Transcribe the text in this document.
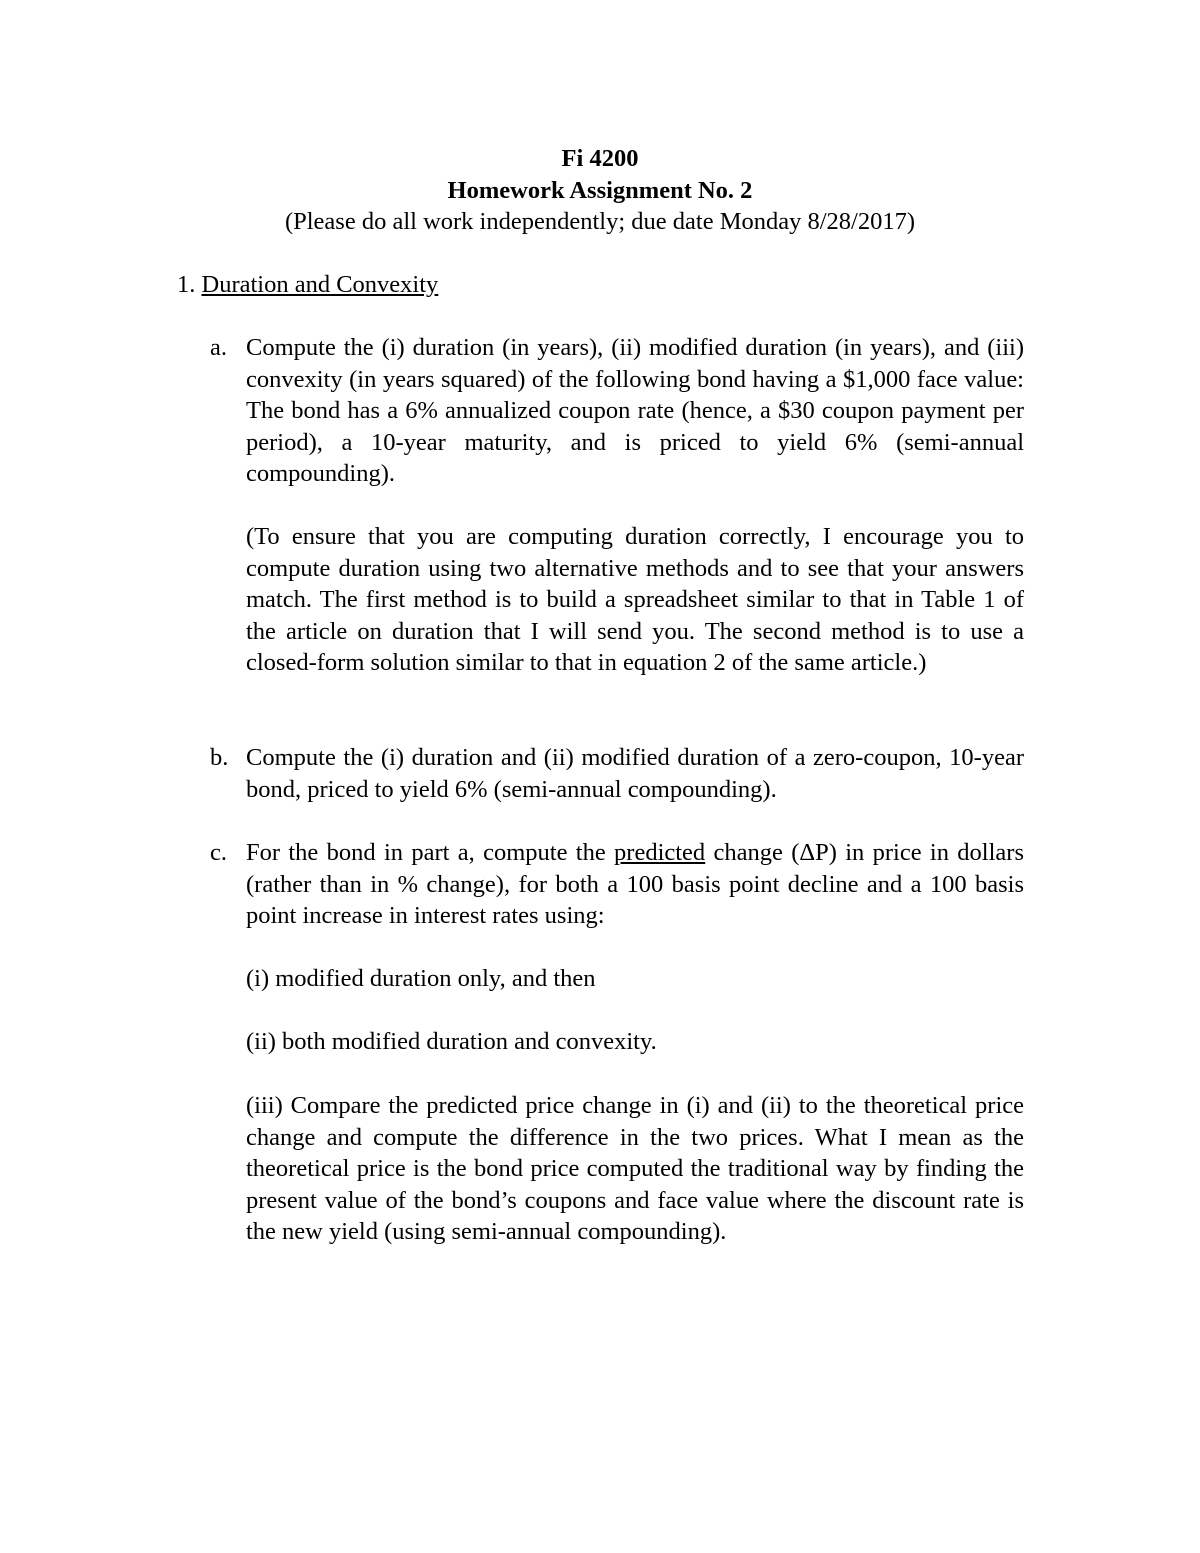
Fi 4200
Homework Assignment No. 2
(Please do all work independently; due date Monday 8/28/2017)
1. Duration and Convexity
a. Compute the (i) duration (in years), (ii) modified duration (in years), and (iii) convexity (in years squared) of the following bond having a $1,000 face value: The bond has a 6% annualized coupon rate (hence, a $30 coupon payment per period), a 10-year maturity, and is priced to yield 6% (semi-annual compounding).
(To ensure that you are computing duration correctly, I encourage you to compute duration using two alternative methods and to see that your answers match. The first method is to build a spreadsheet similar to that in Table 1 of the article on duration that I will send you. The second method is to use a closed-form solution similar to that in equation 2 of the same article.)
b. Compute the (i) duration and (ii) modified duration of a zero-coupon, 10-year bond, priced to yield 6% (semi-annual compounding).
c. For the bond in part a, compute the predicted change (ΔP) in price in dollars (rather than in % change), for both a 100 basis point decline and a 100 basis point increase in interest rates using:
(i) modified duration only, and then
(ii) both modified duration and convexity.
(iii) Compare the predicted price change in (i) and (ii) to the theoretical price change and compute the difference in the two prices. What I mean as the theoretical price is the bond price computed the traditional way by finding the present value of the bond’s coupons and face value where the discount rate is the new yield (using semi-annual compounding).
